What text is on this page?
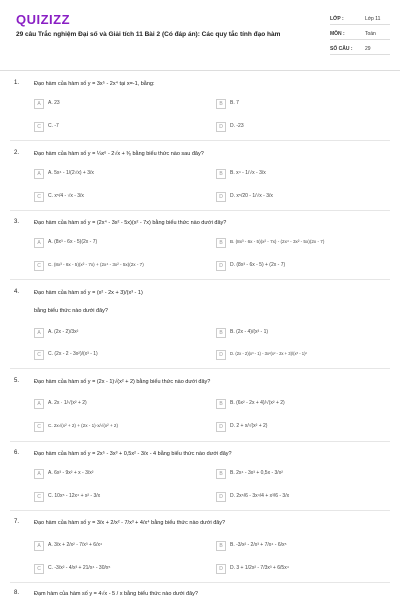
QUIZIZZ
29 câu Trắc nghiệm Đại số và Giải tích 11 Bài 2 (Có đáp án): Các quy tắc tính đạo hàm
LỚP :	Lớp 11
MÔN :	Toán
SỐ CÂU :	29
1.	Đạo hàm của hàm số y = 3x⁵ - 2x⁴ tại x=-1, bằng:
A	A. 23	B	B. 7
C	C. -7	D	D. -23
2.	Đạo hàm của hàm số y = ¼x⁶ - 2√x + ³⁄ₓ bằng biểu thức nào sau đây?
A	A. 5x⁴ - 1/(2√x) + 3/x	B	B. x⁴ - 1/√x - 3/x
C	C. x⁵/4 - √x - 3/x	D	D. x⁵/20 - 1/√x - 3/x
3.	Đạo hàm của hàm số y = (2x⁴ - 3x² - 5x)(x² - 7x) bằng biểu thức nào dưới đây?
A	A. (8x³ - 6x - 5)(2x - 7)	B	B. (8x³ - 6x - 5)(x² - 7x) - (2x⁴ - 3x² - 5x)(2x - 7)
C	C. (8x³ - 6x - 5)(x² - 7x) + (2x⁴ - 3x² - 5x)(2x - 7)	D	D. (8x³ - 6x - 5) + (2x - 7)
4.	Đạo hàm của hàm số y = (x² - 2x + 3)/(x³ - 1)
bằng biểu thức nào dưới đây?
A	A. (2x - 2)/3x²	B	B. (2x - 4)/(x³ - 1)
C	C. (2x - 2 - 3x²)/(x³ - 1)	D	D. (2x - 2)(x³ - 1) - 3x²(x² - 2x + 3)/(x³ - 1)²
5.	Đạo hàm của hàm số y = (2x - 1)√(x² + 2) bằng biểu thức nào dưới đây?
A	A. 2x · 1/√(x² + 2)	B	B. (6x² - 2x + 4)/√(x² + 2)
C	C. 2x√(x² + 2) + (2x - 1)·x/√(x² + 2)	D	D. 2 + x/√(x² + 2)
6.	Đạo hàm của hàm số y = 2x⁵ - 3x³ + 0,5x² - 3/x - 4 bằng biểu thức nào dưới đây?
A	A. 6x³ - 9x² + x - 3/x²	B	B. 2x⁴ - 3x³ + 0,5x - 3/x²
C	C. 10x⁵ - 12x⁴ + x² - 3/x	D	D. 2x⁶/6 - 3x⁴/4 + x³/6 - 3/x
7.	Đạo hàm của hàm số y = 3/x + 2/x² - 7/x³ + 4/x⁴ bằng biểu thức nào dưới đây?
A	A. 3/x + 2/x² - 7/x³ + 6/x⁴	B	B. -3/x² - 2/x³ + 7/x⁴ - 6/x⁵
C	C. -3/x² - 4/x³ + 21/x⁴ - 30/x⁵	D	D. 3 + 1/2x² - 7/3x³ + 6/5x⁴
8.	Đạm hàm của hàm số y = 4√x - 5 / x bằng biểu thức nào dưới đây?
